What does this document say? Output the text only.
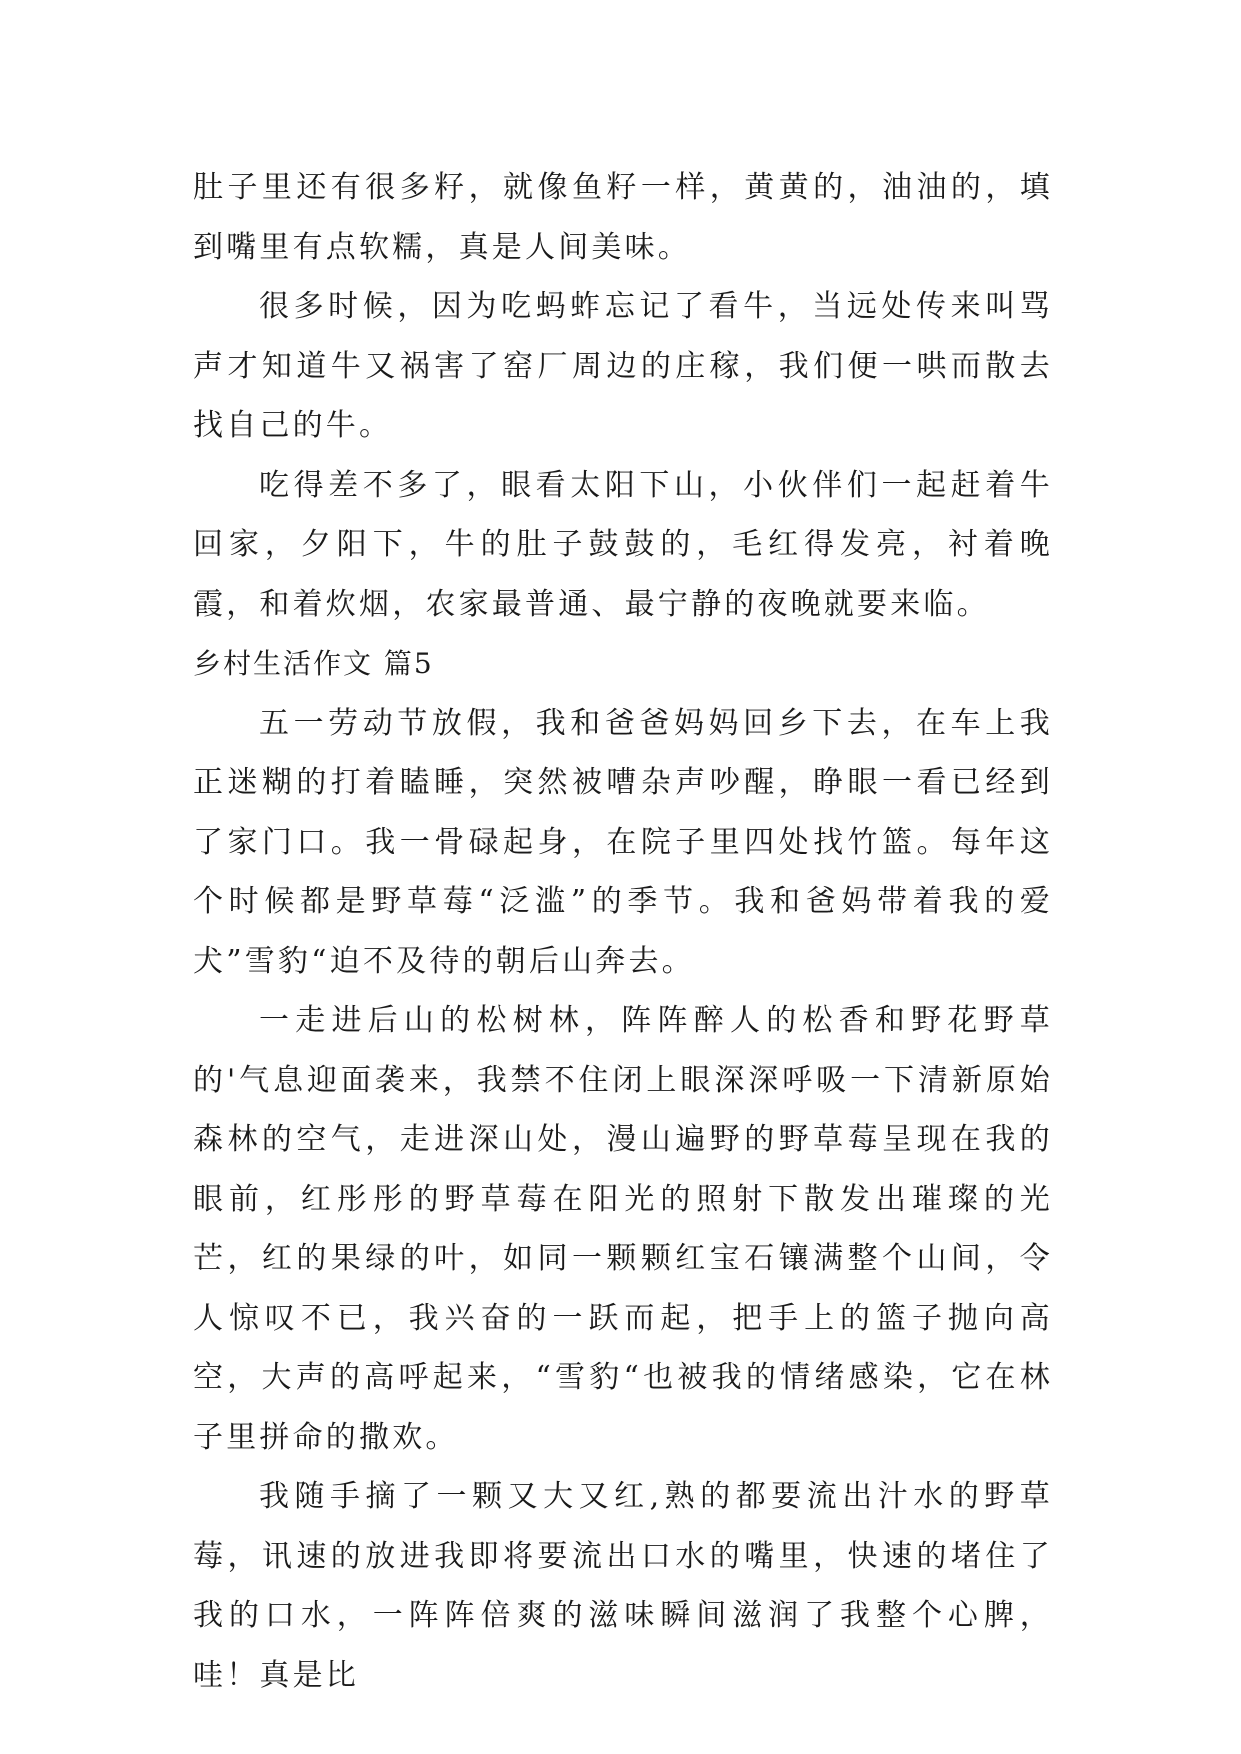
肚子里还有很多籽，就像鱼籽一样，黄黄的，油油的，填到嘴里有点软糯，真是人间美味。

很多时候，因为吃蚂蚱忘记了看牛，当远处传来叫骂声才知道牛又祸害了窑厂周边的庄稼，我们便一哄而散去找自己的牛。

吃得差不多了，眼看太阳下山，小伙伴们一起赶着牛回家，夕阳下，牛的肚子鼓鼓的，毛红得发亮，衬着晚霞，和着炊烟，农家最普通、最宁静的夜晚就要来临。

乡村生活作文 篇5

五一劳动节放假，我和爸爸妈妈回乡下去，在车上我正迷糊的打着瞌睡，突然被嘈杂声吵醒，睁眼一看已经到了家门口。我一骨碌起身，在院子里四处找竹篮。每年这个时候都是野草莓“泛滥”的季节。我和爸妈带着我的爱犬”雪豹“迫不及待的朝后山奔去。

一走进后山的松树林，阵阵醉人的松香和野花野草的'气息迎面袭来，我禁不住闭上眼深深呼吸一下清新原始森林的空气，走进深山处，漫山遍野的野草莓呈现在我的眼前，红彤彤的野草莓在阳光的照射下散发出璀璨的光芒，红的果绿的叶，如同一颗颗红宝石镶满整个山间，令人惊叹不已，我兴奋的一跃而起，把手上的篮子抛向高空，大声的高呼起来，“雪豹“也被我的情绪感染，它在林子里拼命的撒欢。

我随手摘了一颗又大又红,熟的都要流出汁水的野草莓，讯速的放进我即将要流出口水的嘴里，快速的堵住了我的口水，一阵阵倍爽的滋味瞬间滋润了我整个心脾，哇！真是比
